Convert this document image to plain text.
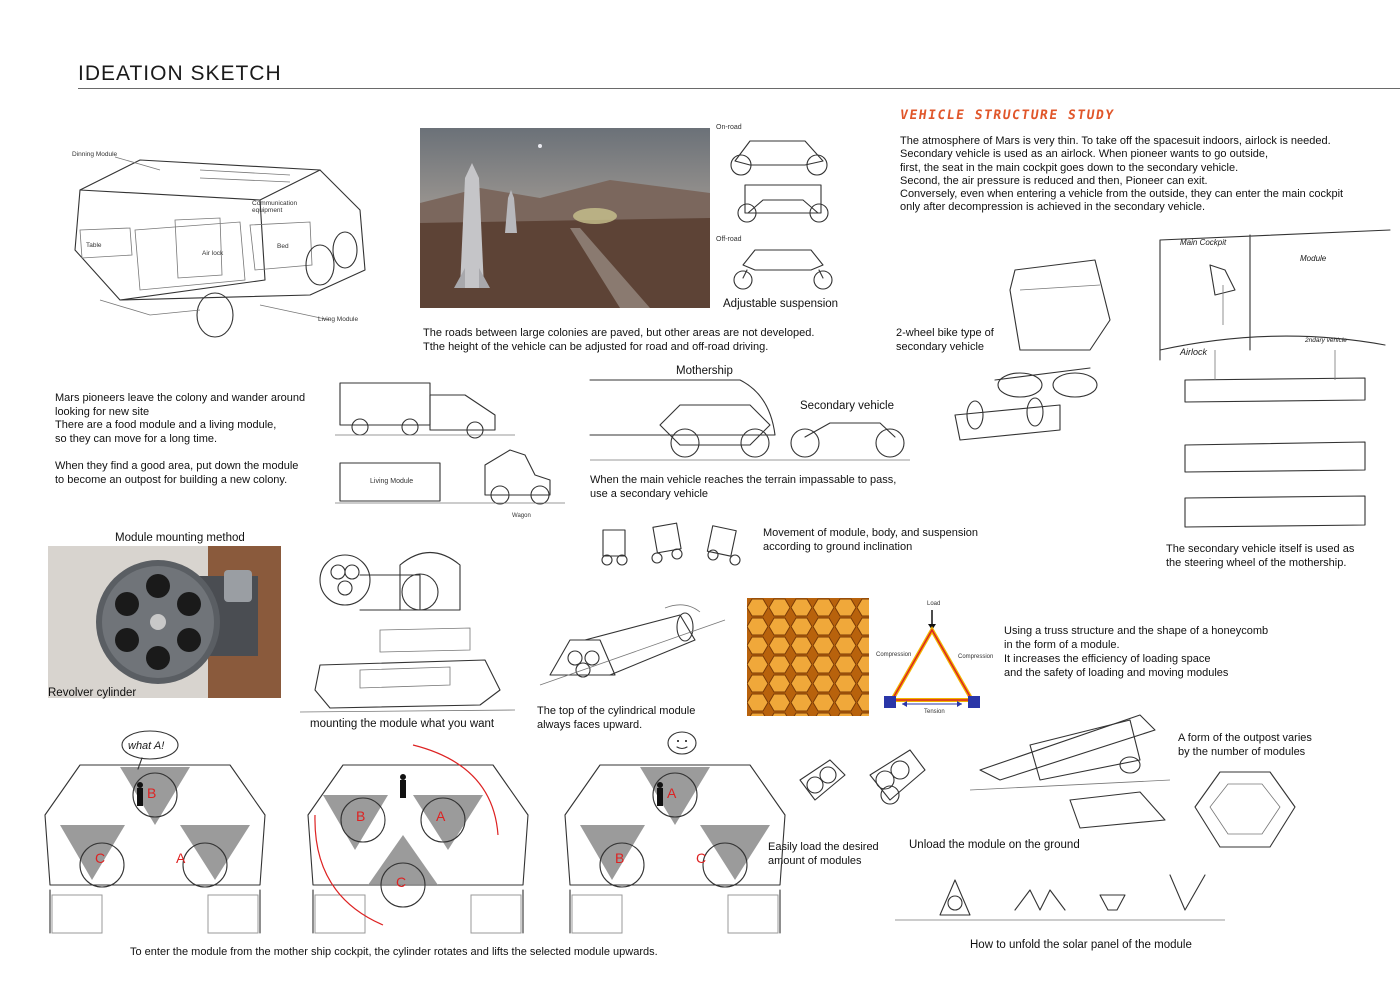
IDEATION SKETCH
VEHICLE STRUCTURE STUDY
The atmosphere of Mars is very thin. To take off the spacesuit indoors, airlock is needed.
Secondary vehicle is used as an airlock. When pioneer wants to go outside,
first, the seat in the main cockpit goes down to the secondary vehicle.
Second, the air pressure is reduced and then, Pioneer can exit.
Conversely, even when entering a vehicle from the outside, they can enter the main cockpit
only after decompression is achieved in the secondary vehicle.
Dinning Module
Communication equipment
Table
Air lock
Bed
Living Module
On-road
Off-road
Adjustable suspension
The roads between large colonies are paved, but other areas are not developed.
Tthe height of the vehicle can be adjusted for road and off-road driving.
2-wheel bike type of
secondary vehicle
Main Cockpit
Module
Airlock
2ndary vehicle
The secondary vehicle itself is used as
the steering wheel of the mothership.
Mars pioneers leave the colony and wander around
looking for new site
There are a food module and a living module,
so they can move for a long time.

When they find a good area, put down the module
to become an outpost for building a new colony.	Living Module
Wagon
Mothership
Secondary vehicle
When the main vehicle reaches the terrain impassable to pass,
use a secondary vehicle
Movement of module, body, and suspension
according to ground inclination
Module mounting method
Revolver cylinder
mounting the module what you want
The top of the cylindrical module
always faces upward.
Load
Compression	Compression
Tension
Using a truss structure and the shape of a honeycomb
in the form of a module.
It increases the efficiency of loading space
and the safety of loading and moving modules
Easily load the desired
amount of modules
Unload the module on the ground
A form of the outpost varies
by the number of modules
How to unfold the solar panel of the module
what A!
B
C	A
B	A
C
A
B	C
To enter the module from the mother ship cockpit, the cylinder rotates and lifts the selected module upwards.
